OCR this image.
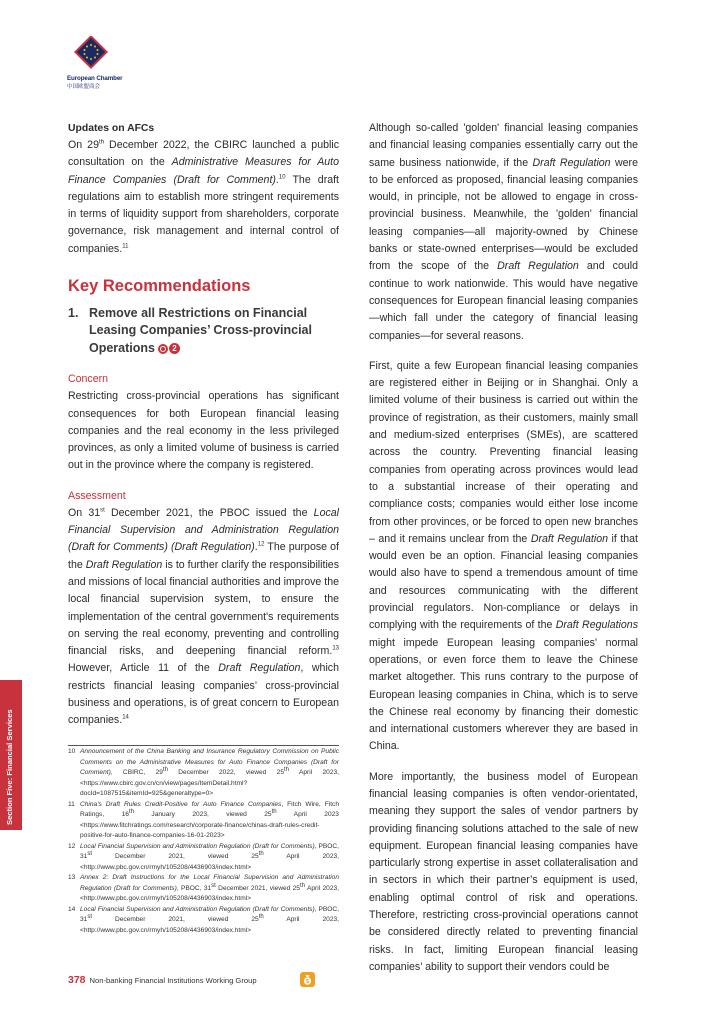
European Chamber
中国欧盟商会

Updates on AFCs

On 29th December 2022, the CBIRC launched a public consultation on the Administrative Measures for Auto Finance Companies (Draft for Comment).$^{10}$ The draft regulations aim to establish more stringent requirements in terms of liquidity support from shareholders, corporate governance, risk management and internal control of companies.$^{11}$

Key Recommendations
1. Remove all Restrictions on Financial Leasing Companies’ Cross-provincial Operations	2

Concern

Restricting cross-provincial operations has significant consequences for both European financial leasing companies and the real economy in the less privileged provinces, as only a limited volume of business is carried out in the province where the company is registered.

Assessment

On 31st December 2021, the PBOC issued the Local Financial Supervision and Administration Regulation (Draft for Comments) (Draft Regulation).$^{12}$ The purpose of the Draft Regulation is to further clarify the responsibilities and missions of local financial authorities and improve the local financial supervision system, to ensure the implementation of the central government's requirements on serving the real economy, preventing and controlling financial risks, and deepening financial reform.$^{13}$ However, Article 11 of the Draft Regulation, which restricts financial leasing companies’ cross-provincial business and operations, is of great concern to European companies.$^{14}$

10 Announcement of the China Banking and Insurance Regulatory Commission on Public Comments on the Administrative Measures for Auto Finance Companies (Draft for Comment), CBIRC, 29th December 2022, viewed 25th April 2023, <https://www.cbirc.gov.cn/cn/view/pages/ItemDetail.html?docId=1087515&itemId=925&generaltype=0>
11 China's Draft Rules Credit-Positive for Auto Finance Companies, Fitch Wire, Fitch Ratings, 16th January 2023, viewed 25th April 2023 <https://www.fitchratings.com/research/corporate-finance/chinas-draft-rules-credit-positive-for-auto-finance-companies-16-01-2023>
12 Local Financial Supervision and Administration Regulation (Draft for Comments), PBOC, 31st December 2021, viewed 25th April 2023, <http://www.pbc.gov.cn/rmyh/105208/4436903/index.html>
13 Annex 2: Draft Instructions for the Local Financial Supervision and Administration Regulation (Draft for Comments), PBOC, 31st December 2021, viewed 25th April 2023, <http://www.pbc.gov.cn/rmyh/105208/4436903/index.html>
14 Local Financial Supervision and Administration Regulation (Draft for Comments), PBOC, 31st December 2021, viewed 25th April 2023, <http://www.pbc.gov.cn/rmyh/105208/4436903/index.html>

Although so-called 'golden' financial leasing companies and financial leasing companies essentially carry out the same business nationwide, if the Draft Regulation were to be enforced as proposed, financial leasing companies would, in principle, not be allowed to engage in cross-provincial business. Meanwhile, the 'golden' financial leasing companies—all majority-owned by Chinese banks or state-owned enterprises—would be excluded from the scope of the Draft Regulation and could continue to work nationwide. This would have negative consequences for European financial leasing companies—which fall under the category of financial leasing companies—for several reasons.

First, quite a few European financial leasing companies are registered either in Beijing or in Shanghai. Only a limited volume of their business is carried out within the province of registration, as their customers, mainly small and medium-sized enterprises (SMEs), are scattered across the country. Preventing financial leasing companies from operating across provinces would lead to a substantial increase of their operating and compliance costs; companies would either lose income from other provinces, or be forced to open new branches – and it remains unclear from the Draft Regulation if that would even be an option. Financial leasing companies would also have to spend a tremendous amount of time and resources communicating with the different provincial regulators. Non-compliance or delays in complying with the requirements of the Draft Regulations might impede European leasing companies' normal operations, or even force them to leave the Chinese market altogether. This runs contrary to the purpose of European leasing companies in China, which is to serve the Chinese real economy by financing their domestic and international customers wherever they are based in China.

More importantly, the business model of European financial leasing companies is often vendor-orientated, meaning they support the sales of vendor partners by providing financing solutions attached to the sale of new equipment. European financial leasing companies have particularly strong expertise in asset collateralisation and in sectors in which their partner’s equipment is used, enabling optimal control of risk and operations. Therefore, restricting cross-provincial operations cannot be considered directly related to preventing financial risks. In fact, limiting European financial leasing companies’ ability to support their vendors could be

Section Five: Financial Services
378 Non-banking Financial Institutions Working Group	$
